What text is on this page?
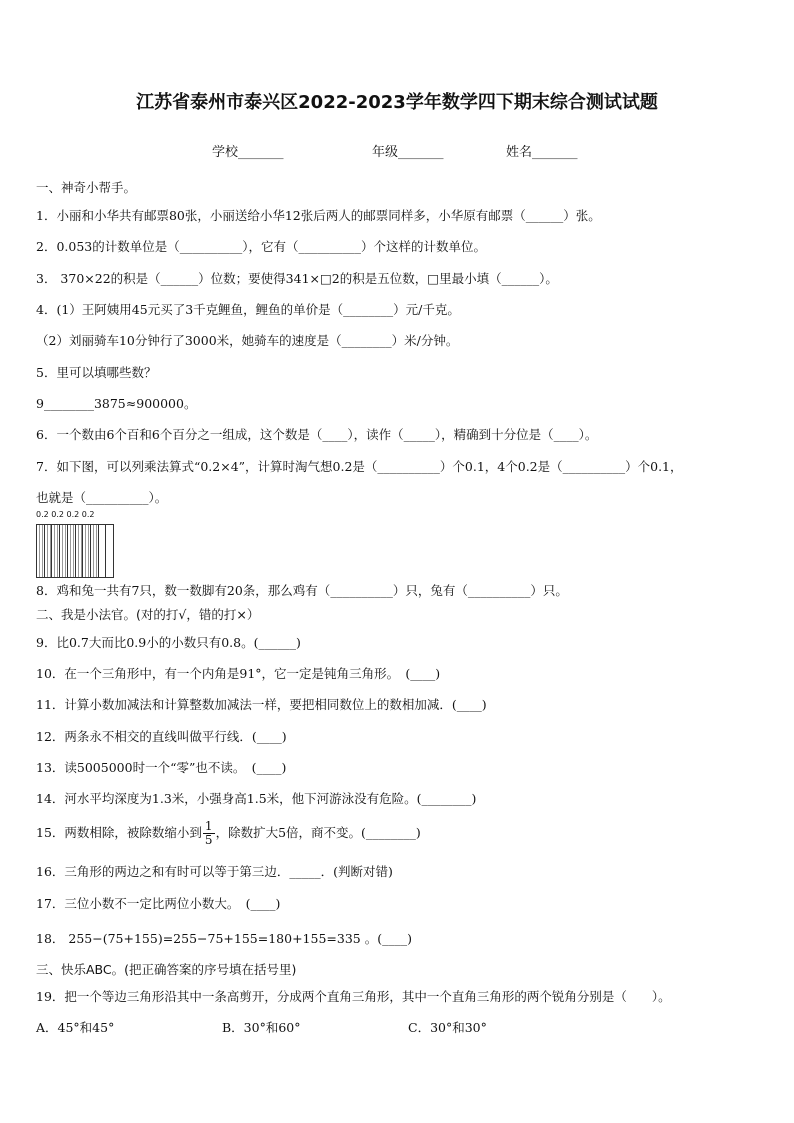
江苏省泰州市泰兴区2022-2023学年数学四下期末综合测试试题
学校_______	年级_______	姓名_______
一、神奇小帮手。
1．小丽和小华共有邮票80张，小丽送给小华12张后两人的邮票同样多，小华原有邮票（______）张。
2．0.053的计数单位是（__________），它有（__________）个这样的计数单位。
3． 370×22的积是（______）位数；要使得341×□2的积是五位数，□里最小填（______）。
4．(1）王阿姨用45元买了3千克鲤鱼，鲤鱼的单价是（________）元/千克。
（2）刘丽骑车10分钟行了3000米，她骑车的速度是（________）米/分钟。
5．里可以填哪些数？
9________3875≈900000。
6．一个数由6个百和6个百分之一组成，这个数是（____），读作（_____），精确到十分位是（____）。
7．如下图，可以列乘法算式“0.2×4”，计算时淘气想0.2是（__________）个0.1，4个0.2是（__________）个0.1，
也就是（__________）。
0.2 0.2 0.2 0.2
8．鸡和兔一共有7只，数一数脚有20条，那么鸡有（__________）只，兔有（__________）只。
二、我是小法官。(对的打√，错的打×）
9．比0.7大而比0.9小的小数只有0.8。(______)
10．在一个三角形中，有一个内角是91°，它一定是钝角三角形。　(____)
11．计算小数加减法和计算整数加减法一样，要把相同数位上的数相加减．(____)
12．两条永不相交的直线叫做平行线．(____)
13．读5005000时一个“零”也不读。　(____)
14．河水平均深度为1.3米，小强身高1.5米，他下河游泳没有危险。(________)
15．两数相除，被除数缩小到 $\frac{1}{5}$ ，除数扩大5倍，商不变。(________)
16．三角形的两边之和有时可以等于第三边．_____．(判断对错)
17．三位小数不一定比两位小数大。　(____)
18． 255−(75+155)=255−75+155=180+155=335 。(____)
三、快乐ABC。(把正确答案的序号填在括号里)
19．把一个等边三角形沿其中一条高剪开，分成两个直角三角形，其中一个直角三角形的两个锐角分别是（　　）。
A．45°和45°	B．30°和60°	C．30°和30°
